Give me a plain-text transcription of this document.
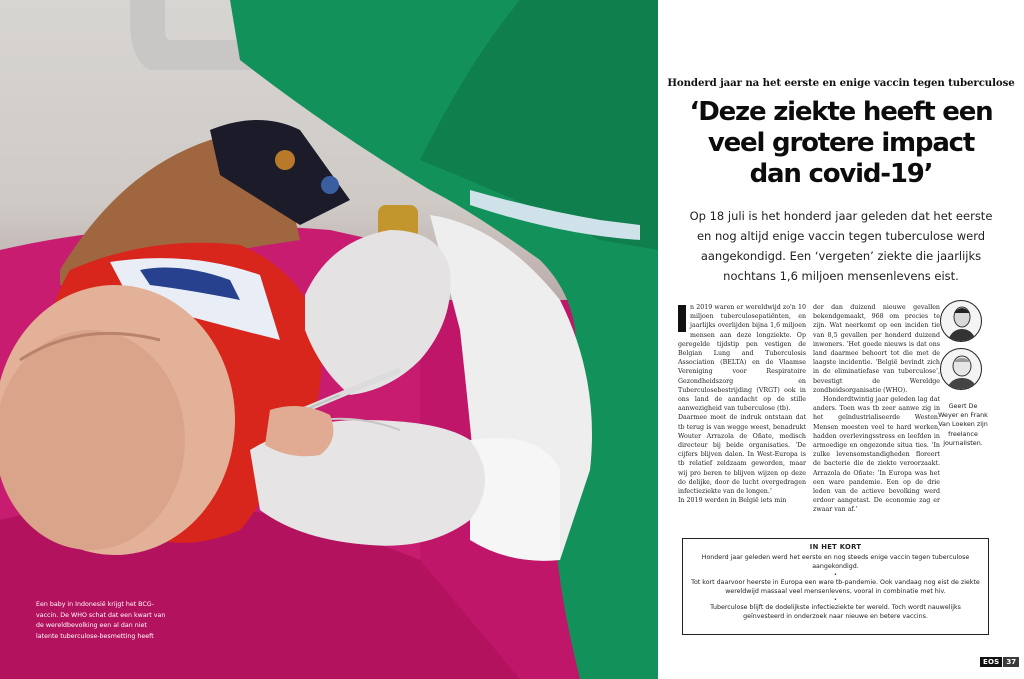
Een baby in Indonesië krijgt het BCG-vaccin. De WHO schat dat een kwart van de wereldbevolking een al dan niet latente tuberculose-besmetting heeft
Honderd jaar na het eerste en enige vaccin tegen tuberculose
‘Deze ziekte heeft een
veel grotere impact
dan covid-19’

Op 18 juli is het honderd jaar geleden dat het eerste en nog altijd enige vaccin tegen tuberculose werd aangekondigd. Een ‘vergeten’ ziekte die jaarlijks nochtans 1,6 miljoen mensenlevens eist.

n 2019 waren er wereldwijd zo'n 10 miljoen tuberculosepatiënten, en jaarlijks overlijden bijna 1,6 miljoen mensen aan deze longziekte. Op geregelde tijdstip pen vestigen de Belgian Lung and Tuberculosis Association (BELTA) en de Vlaamse Vereniging voor Respiratoire Gezondheidszorg en Tuberculosebestrijding (VRGT) ook in ons land de aandacht op de stille aanwezigheid van tuberculose (tb).

Daarmee moet de indruk ontstaan dat tb terug is van wegge weest, benadrukt Wouter Arrazola de Oñate, medisch directeur bij beide organisaties. ‘De cijfers blijven dalen. In West-Europa is tb relatief zeldzaam geworden, maar wij pro beren te blijven wijzen op deze do delijke, door de lucht overgedragen infectieziekte van de longen.’

In 2019 werden in België iets min

der dan duizend nieuwe gevallen bekendgemaakt, 968 om precies te zijn. Wat neerkomt op een inciden tie van 8,5 gevallen per honderd duizend inwoners. ‘Het goede nieuws is dat ons land daarmee behoort tot die met de laagste incidentie. ‘België bevindt zich in de eliminatiefase van tuberculose’, bevestigt de Wereldge zondheidsorganisatie (WHO).

Honderdtwintig jaar geleden lag dat anders. Toen was tb zeer aanwe zig in het geïndustrialiseerde Westen. Mensen moesten veel te hard werken, hadden overlevingsstress en leefden in armoedige en ongezonde situa ties. ‘In zulke levensomstandigheden floreert de bacterie die de ziekte veroorzaakt. Arrazola de Oñate: ‘In Europa was het een ware pandemie. Een op de drie leden van de actieve bevolking werd erdoor aangetast. De economie zag er zwaar van af.’

Geert De Weyer en Frank Van Loeken zijn freelance journalisten.
IN HET KORT
Honderd jaar geleden werd het eerste en nog steeds enige vaccin tegen tuberculose aangekondigd.
•
Tot kort daarvoor heerste in Europa een ware tb-pandemie. Ook vandaag nog eist de ziekte wereldwijd massaal veel mensenlevens, vooral in combinatie met hiv.
•
Tuberculose blijft de dodelijkste infectieziekte ter wereld. Toch wordt nauwelijks geïnvesteerd in onderzoek naar nieuwe en betere vaccins.
EOS	37
